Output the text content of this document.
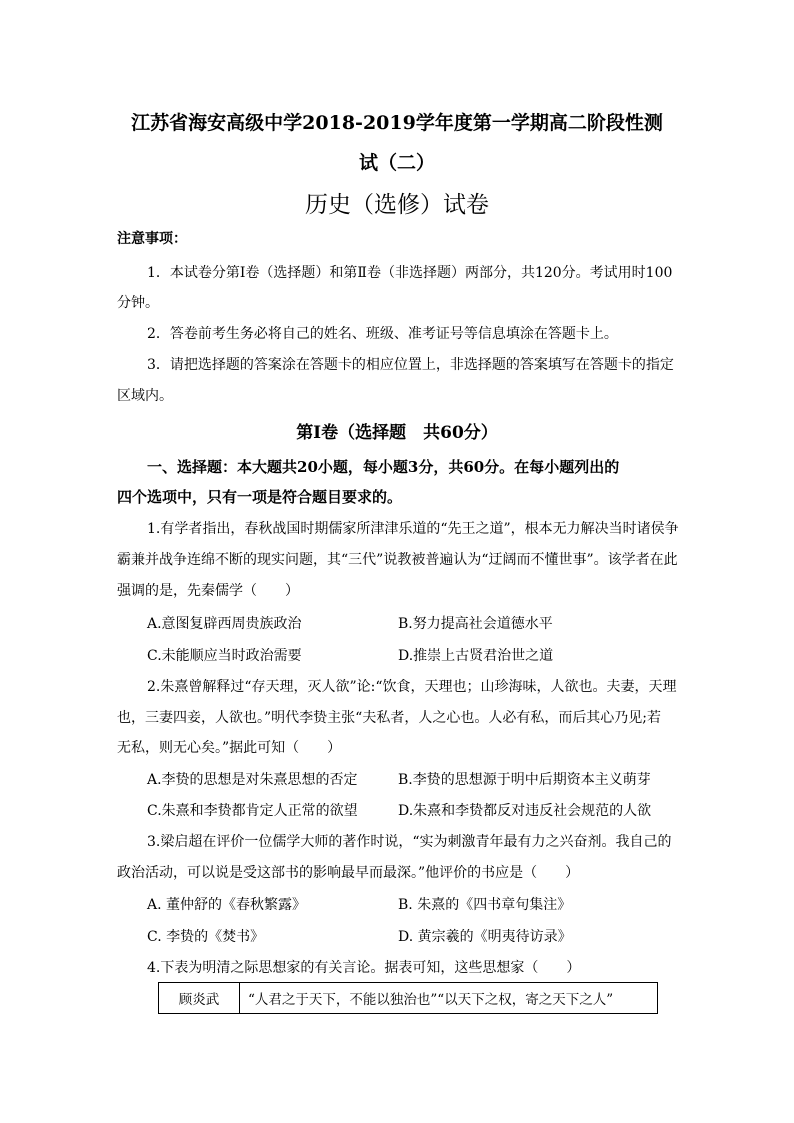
江苏省海安高级中学2018-2019学年度第一学期高二阶段性测
试（二）
历史（选修）试卷
注意事项：
1．本试卷分第Ⅰ卷（选择题）和第Ⅱ卷（非选择题）两部分，共120分。考试用时100
分钟。
2．答卷前考生务必将自己的姓名、班级、准考证号等信息填涂在答题卡上。
3．请把选择题的答案涂在答题卡的相应位置上，非选择题的答案填写在答题卡的指定
区域内。
第Ⅰ卷（选择题　共60分）
一、选择题：本大题共20小题，每小题3分，共60分。在每小题列出的
四个选项中，只有一项是符合题目要求的。
1.有学者指出，春秋战国时期儒家所津津乐道的“先王之道”，根本无力解决当时诸侯争
霸兼并战争连绵不断的现实问题，其“三代”说教被普遍认为“迂阔而不懂世事”。该学者在此
强调的是，先秦儒学（　　）
A.意图复辟西周贵族政治	B.努力提高社会道德水平
C.未能顺应当时政治需要	D.推崇上古贤君治世之道
2.朱熹曾解释过“存天理，灭人欲”论:“饮食，天理也；山珍海味，人欲也。夫妻，天理
也，三妻四妾，人欲也。”明代李贽主张“夫私者，人之心也。人必有私，而后其心乃见;若
无私，则无心矣。”据此可知（　　）
A.李贽的思想是对朱熹思想的否定	B.李贽的思想源于明中后期资本主义萌芽
C.朱熹和李贽都肯定人正常的欲望	D.朱熹和李贽都反对违反社会规范的人欲
3.梁启超在评价一位儒学大师的著作时说，“实为刺激青年最有力之兴奋剂。我自己的
政治活动，可以说是受这部书的影响最早而最深。”他评价的书应是（　　）
A. 董仲舒的《春秋繁露》	B. 朱熹的《四书章句集注》
C. 李贽的《焚书》	D. 黄宗羲的《明夷待访录》
4.下表为明清之际思想家的有关言论。据表可知，这些思想家（　　）
顾炎武	“人君之于天下，不能以独治也”“以天下之权，寄之天下之人”
